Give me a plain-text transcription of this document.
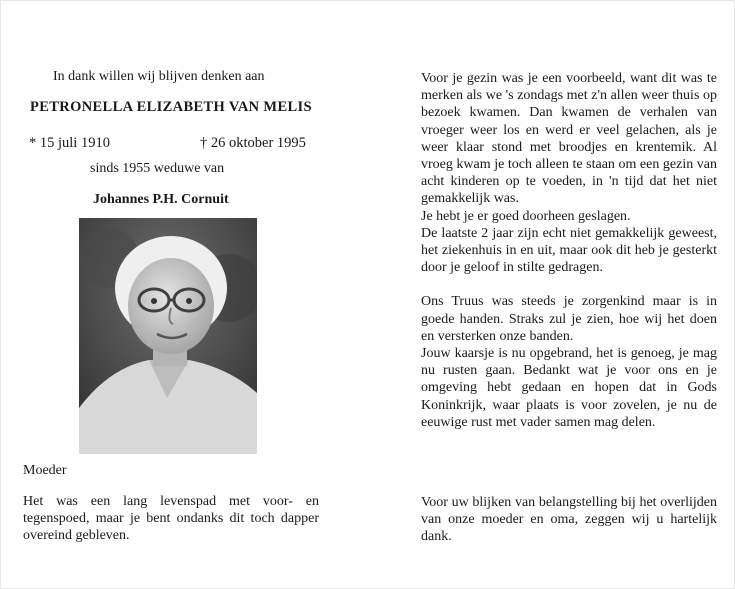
In dank willen wij blijven denken aan

PETRONELLA ELIZABETH VAN MELIS

* 15 juli 1910	† 26 oktober 1995

sinds 1955 weduwe van

Johannes P.H. Cornuit

Moeder

Het was een lang levenspad met voor- en tegenspoed, maar je bent ondanks dit toch dapper overeind gebleven.

Voor je gezin was je een voorbeeld, want dit was te merken als we 's zondags met z'n allen weer thuis op bezoek kwamen. Dan kwamen de verhalen van vroeger weer los en werd er veel gelachen, als je weer klaar stond met broodjes en krentemik. Al vroeg kwam je toch alleen te staan om een gezin van acht kinderen op te voeden, in 'n tijd dat het niet gemakkelijk was.

Je hebt je er goed doorheen geslagen.

De laatste 2 jaar zijn echt niet gemakkelijk geweest, het ziekenhuis in en uit, maar ook dit heb je gesterkt door je geloof in stilte gedragen.

Ons Truus was steeds je zorgenkind maar is in goede handen. Straks zul je zien, hoe wij het doen en versterken onze banden.

Jouw kaarsje is nu opgebrand, het is genoeg, je mag nu rusten gaan. Bedankt wat je voor ons en je omgeving hebt gedaan en hopen dat in Gods Koninkrijk, waar plaats is voor zovelen, je nu de eeuwige rust met vader samen mag delen.

Voor uw blijken van belangstelling bij het overlijden van onze moeder en oma, zeggen wij u hartelijk dank.
